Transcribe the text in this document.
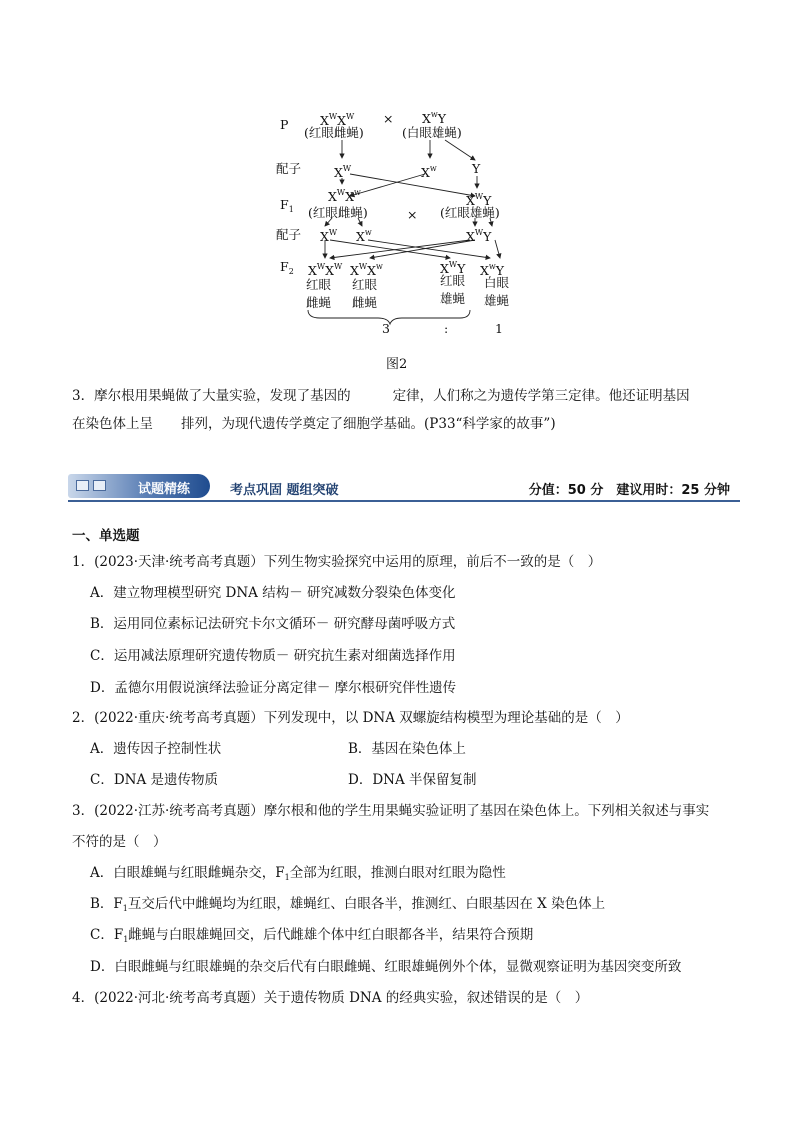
P
配子
$F_1$
配子
$F_2$
$X^WX^W \times X^wY$
(红眼雌蝇)	(白眼雄蝇)
$X^W$	$X^w$	Y
$X^WX^w$
$X^WY$
(红眼雌蝇)	× (红眼雄蝇)
$X^W$ $X^w$	$X^WY$
$X^WX^W$ $X^WX^w$	$X^WY$ $X^wY$
红眼雌蝇
红眼雌蝇
红眼雄蝇
白眼雄蝇
3	:	1
图2
3．摩尔根用果蝇做了大量实验，发现了基因的	定律，人们称之为遗传学第三定律。他还证明基因
在染色体上呈 排列，为现代遗传学奠定了细胞学基础。(P33“科学家的故事”)
试题精练	考点巩固 题组突破	分值：50 分　建议用时：25 分钟
一、单选题
1．(2023·天津·统考高考真题）下列生物实验探究中运用的原理，前后不一致的是（　）
A．建立物理模型研究 DNA 结构－ 研究减数分裂染色体变化
B．运用同位素标记法研究卡尔文循环－ 研究酵母菌呼吸方式
C．运用减法原理研究遗传物质－ 研究抗生素对细菌选择作用
D．孟德尔用假说演绎法验证分离定律－ 摩尔根研究伴性遗传
2．(2022·重庆·统考高考真题）下列发现中，以 DNA 双螺旋结构模型为理论基础的是（　）
A．遗传因子控制性状	B．基因在染色体上
C．DNA 是遗传物质	D．DNA 半保留复制
3．(2022·江苏·统考高考真题）摩尔根和他的学生用果蝇实验证明了基因在染色体上。下列相关叙述与事实
不符的是（　）
A．白眼雄蝇与红眼雌蝇杂交，$F_1$全部为红眼，推测白眼对红眼为隐性
B．$F_1$互交后代中雌蝇均为红眼，雄蝇红、白眼各半，推测红、白眼基因在 X 染色体上
C．$F_1$雌蝇与白眼雄蝇回交，后代雌雄个体中红白眼都各半，结果符合预期
D．白眼雌蝇与红眼雄蝇的杂交后代有白眼雌蝇、红眼雄蝇例外个体，显微观察证明为基因突变所致
4．(2022·河北·统考高考真题）关于遗传物质 DNA 的经典实验，叙述错误的是（　）
